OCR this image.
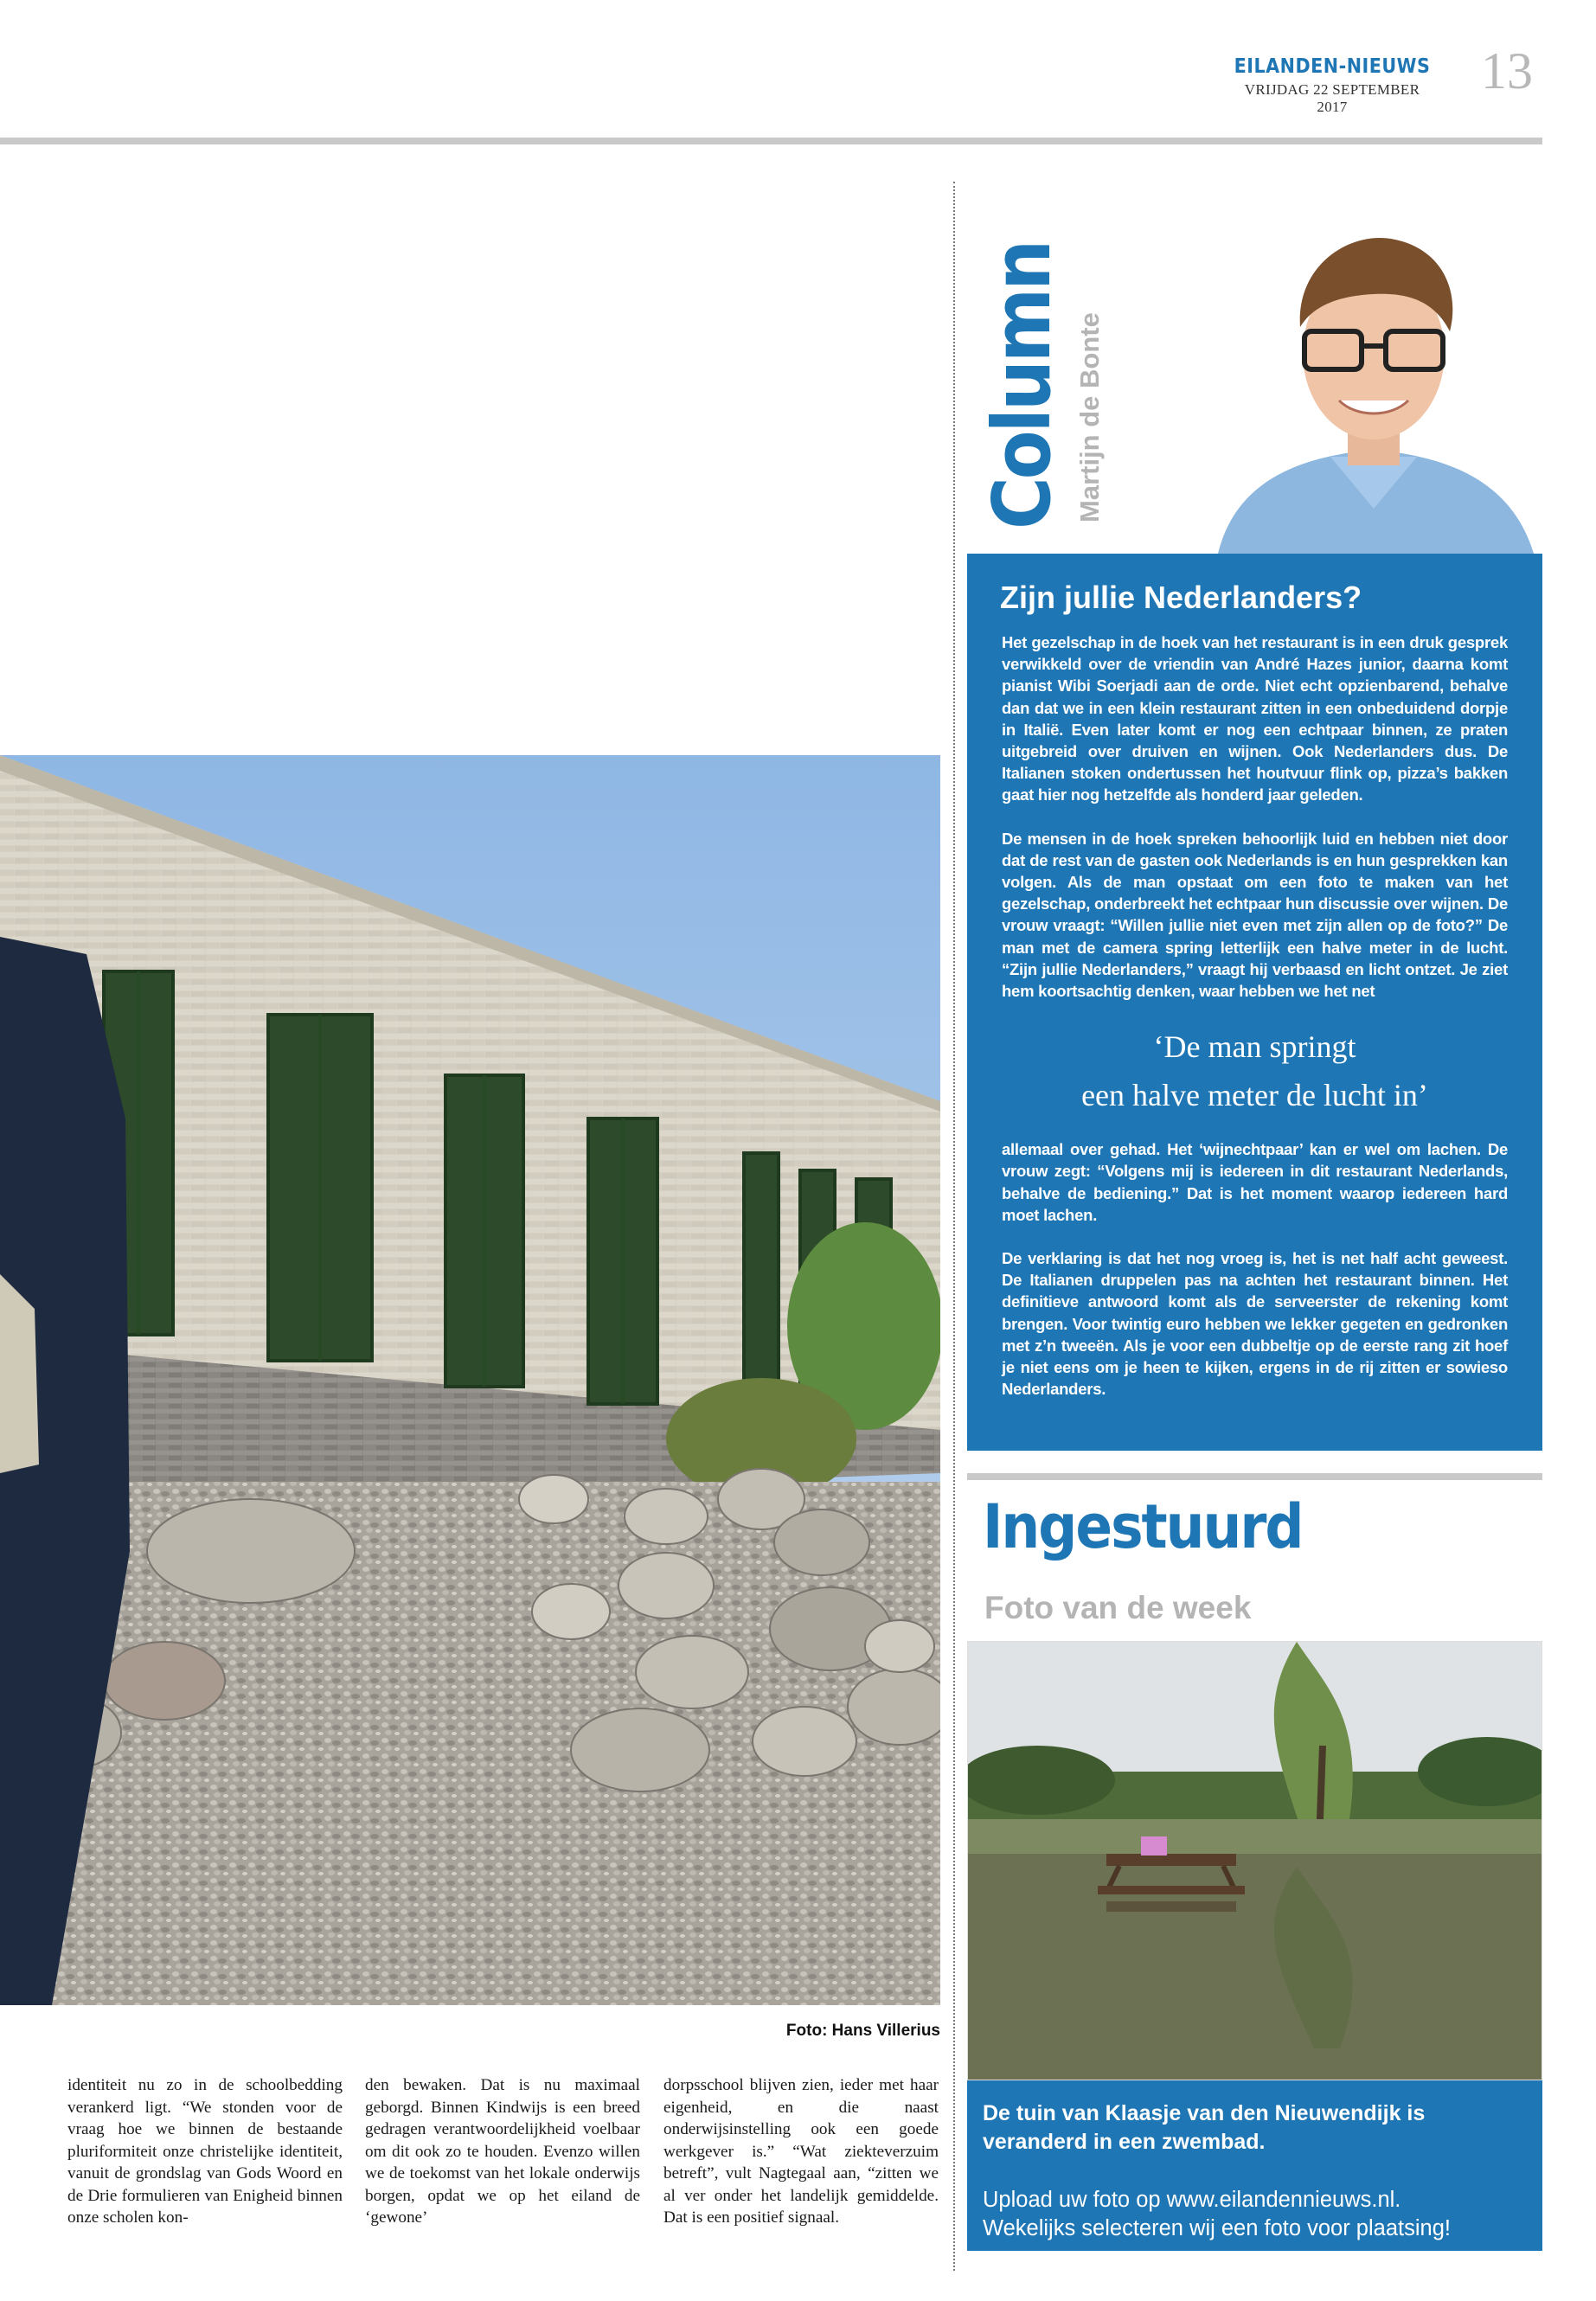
EILANDEN-NIEUWS
VRIJDAG 22 SEPTEMBER 2017
13
Foto: Hans Villerius
identiteit nu zo in de schoolbedding verankerd ligt. “We stonden voor de vraag hoe we binnen de bestaande pluriformiteit onze christelijke identiteit, vanuit de grondslag van Gods Woord en de Drie formulieren van Enigheid binnen onze scholen kon-
den bewaken. Dat is nu maximaal geborgd. Binnen Kindwijs is een breed gedragen verantwoordelijkheid voelbaar om dit ook zo te houden. Evenzo willen we de toekomst van het lokale onderwijs borgen, opdat we op het eiland de ‘gewone’
dorpsschool blijven zien, ieder met haar eigenheid, en die naast onderwijsinstelling ook een goede werkgever is.” “Wat ziekteverzuim betreft”, vult Nagtegaal aan, “zitten we al ver onder het landelijk gemiddelde. Dat is een positief signaal.
Column Martijn de Bonte
Zijn jullie Nederlanders?

Het gezelschap in de hoek van het restaurant is in een druk gesprek verwikkeld over de vriendin van André Hazes junior, daarna komt pianist Wibi Soerjadi aan de orde. Niet echt opzienbarend, behalve dan dat we in een klein restaurant zitten in een onbeduidend dorpje in Italië. Even later komt er nog een echtpaar binnen, ze praten uitgebreid over druiven en wijnen. Ook Nederlanders dus. De Italianen stoken ondertussen het houtvuur flink op, pizza’s bakken gaat hier nog hetzelfde als honderd jaar geleden.

De mensen in de hoek spreken behoorlijk luid en hebben niet door dat de rest van de gasten ook Nederlands is en hun gesprekken kan volgen. Als de man opstaat om een foto te maken van het gezelschap, onderbreekt het echtpaar hun discussie over wijnen. De vrouw vraagt: “Willen jullie niet even met zijn allen op de foto?” De man met de camera spring letterlijk een halve meter in de lucht. “Zijn jullie Nederlanders,” vraagt hij verbaasd en licht ontzet. Je ziet hem koortsachtig denken, waar hebben we het net

‘De man springt
een halve meter de lucht in’

allemaal over gehad. Het ‘wijnechtpaar’ kan er wel om lachen. De vrouw zegt: “Volgens mij is iedereen in dit restaurant Nederlands, behalve de bediening.” Dat is het moment waarop iedereen hard moet lachen.

De verklaring is dat het nog vroeg is, het is net half acht geweest. De Italianen druppelen pas na achten het restaurant binnen. Het definitieve antwoord komt als de serveerster de rekening komt brengen. Voor twintig euro hebben we lekker gegeten en gedronken met z’n tweeën. Als je voor een dubbeltje op de eerste rang zit hoef je niet eens om je heen te kijken, ergens in de rij zitten er sowieso Nederlanders.

Ingestuurd
Foto van de week
De tuin van Klaasje van den Nieuwendijk is veranderd in een zwembad.
Upload uw foto op www.eilandennieuws.nl.
Wekelijks selecteren wij een foto voor plaatsing!
